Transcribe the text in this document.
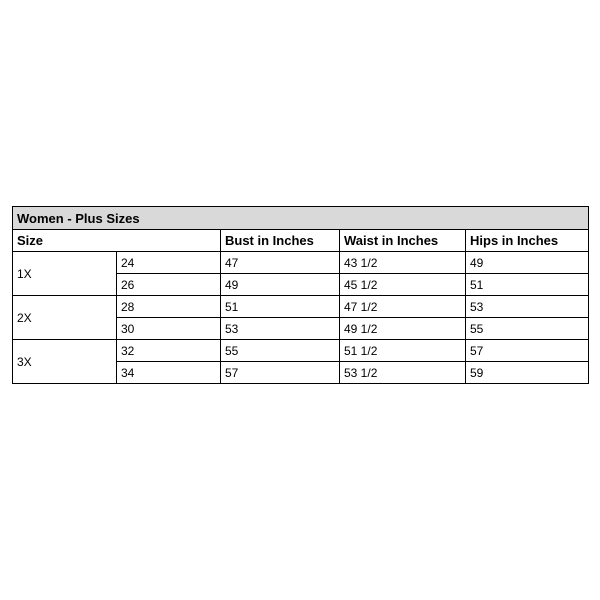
Women - Plus Sizes				
Size		Bust in Inches	Waist in Inches	Hips in Inches
1X	24	47	43 1/2	49
	26	49	45 1/2	51
2X	28	51	47 1/2	53
	30	53	49 1/2	55
3X	32	55	51 1/2	57
	34	57	53 1/2	59
